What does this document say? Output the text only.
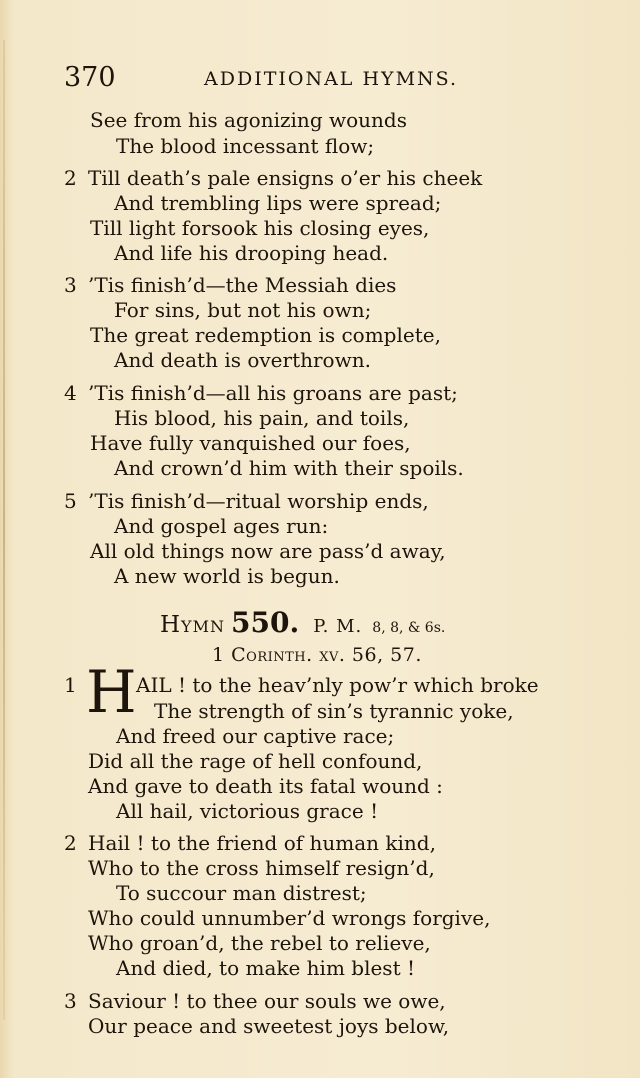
370	ADDITIONAL HYMNS.
See from his agonizing wounds
The blood incessant flow;
2 Till death’s pale ensigns o’er his cheek
And trembling lips were spread;
Till light forsook his closing eyes,
And life his drooping head.
3 ’Tis finish’d—the Messiah dies
For sins, but not his own;
The great redemption is complete,
And death is overthrown.
4 ’Tis finish’d—all his groans are past;
His blood, his pain, and toils,
Have fully vanquished our foes,
And crown’d him with their spoils.
5 ’Tis finish’d—ritual worship ends,
And gospel ages run:
All old things now are pass’d away,
A new world is begun.
Hymn 550. P. M. 8, 8, & 6s.
1 Corinth. xv. 56, 57.
1 H AIL ! to the heav’nly pow’r which broke
The strength of sin’s tyrannic yoke,
And freed our captive race;
Did all the rage of hell confound,
And gave to death its fatal wound :
All hail, victorious grace !
2 Hail ! to the friend of human kind,
Who to the cross himself resign’d,
To succour man distrest;
Who could unnumber’d wrongs forgive,
Who groan’d, the rebel to relieve,
And died, to make him blest !
3 Saviour ! to thee our souls we owe,
Our peace and sweetest joys below,
